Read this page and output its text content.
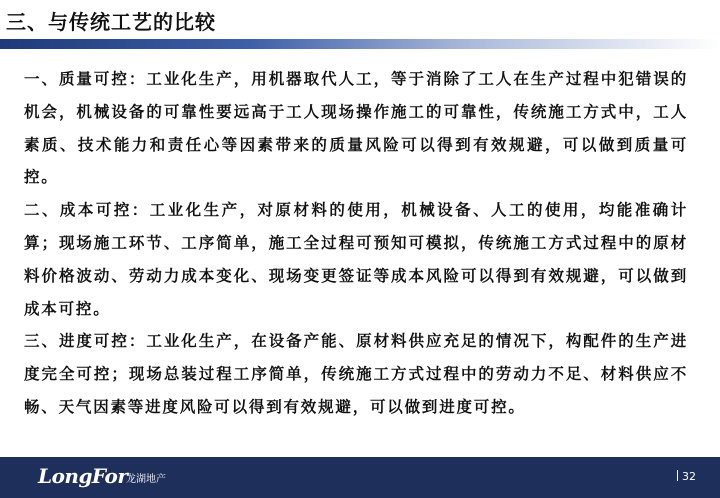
三、与传统工艺的比较

一、质量可控：工业化生产，用机器取代人工，等于消除了工人在生产过程中犯错误的机会，机械设备的可靠性要远高于工人现场操作施工的可靠性，传统施工方式中，工人素质、技术能力和责任心等因素带来的质量风险可以得到有效规避，可以做到质量可控。

二、成本可控：工业化生产，对原材料的使用，机械设备、人工的使用，均能准确计算；现场施工环节、工序简单，施工全过程可预知可模拟，传统施工方式过程中的原材料价格波动、劳动力成本变化、现场变更签证等成本风险可以得到有效规避，可以做到成本可控。

三、进度可控：工业化生产，在设备产能、原材料供应充足的情况下，构配件的生产进度完全可控；现场总装过程工序简单，传统施工方式过程中的劳动力不足、材料供应不畅、天气因素等进度风险可以得到有效规避，可以做到进度可控。

LongFor
龙湖地产	32
